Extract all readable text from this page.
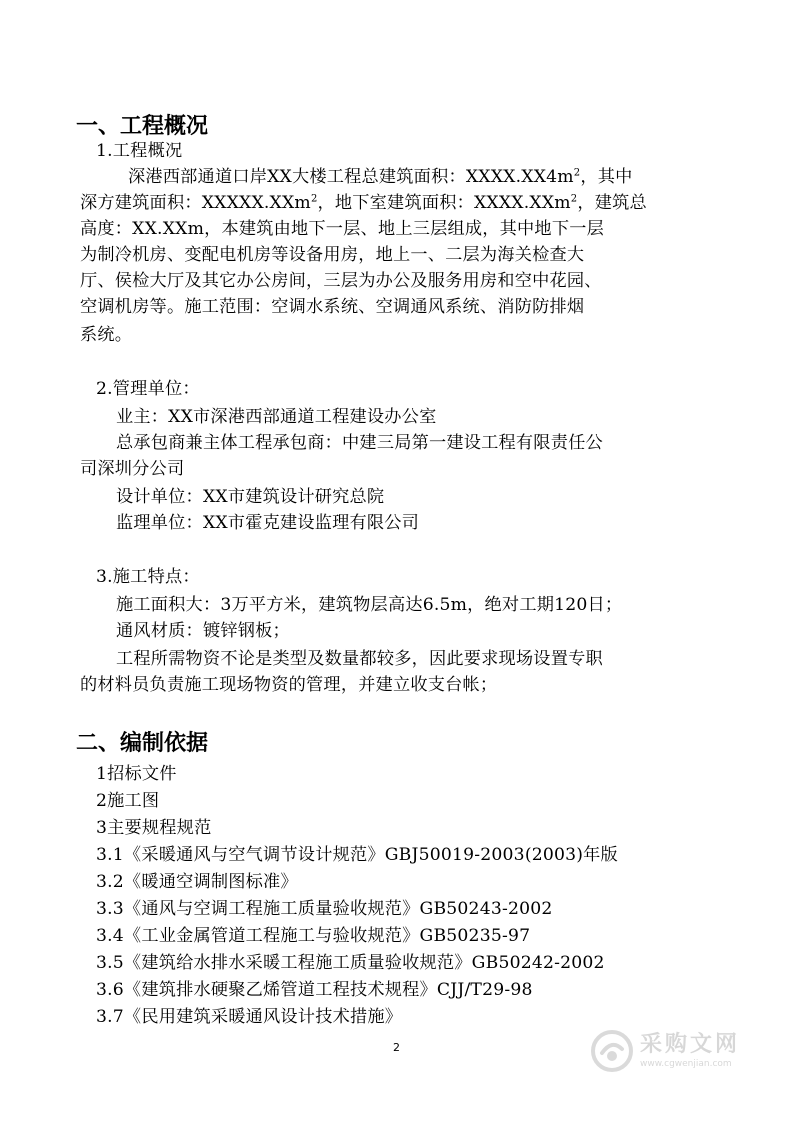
一、工程概况
1.工程概况
深港西部通道口岸XX大楼工程总建筑面积：$XXXX.XX4m^2$，其中
深方建筑面积：XXXXX.XXm$^2$，地下室建筑面积：XXXX.XXm$^2$，建筑总
高度：XX.XXm，本建筑由地下一层、地上三层组成，其中地下一层
为制冷机房、变配电机房等设备用房，地上一、二层为海关检查大
厅、侯检大厅及其它办公房间，三层为办公及服务用房和空中花园、
空调机房等。施工范围：空调水系统、空调通风系统、消防防排烟
系统。
2.管理单位：
业主：XX市深港西部通道工程建设办公室
总承包商兼主体工程承包商：中建三局第一建设工程有限责任公
司深圳分公司
设计单位：XX市建筑设计研究总院
监理单位：XX市霍克建设监理有限公司
3.施工特点：
施工面积大：3万平方米，建筑物层高达6.5m，绝对工期120日；
通风材质：镀锌钢板；
工程所需物资不论是类型及数量都较多，因此要求现场设置专职
的材料员负责施工现场物资的管理，并建立收支台帐；
二、编制依据
1招标文件
2施工图
3主要规程规范
3.1《采暖通风与空气调节设计规范》GBJ50019-2003(2003)年版
3.2《暖通空调制图标准》
3.3《通风与空调工程施工质量验收规范》GB50243-2002
3.4《工业金属管道工程施工与验收规范》GB50235-97
3.5《建筑给水排水采暖工程施工质量验收规范》GB50242-2002
3.6《建筑排水硬聚乙烯管道工程技术规程》CJJ/T29-98
3.7《民用建筑采暖通风设计技术措施》
2	采购文网
www.cgwenjian.com
